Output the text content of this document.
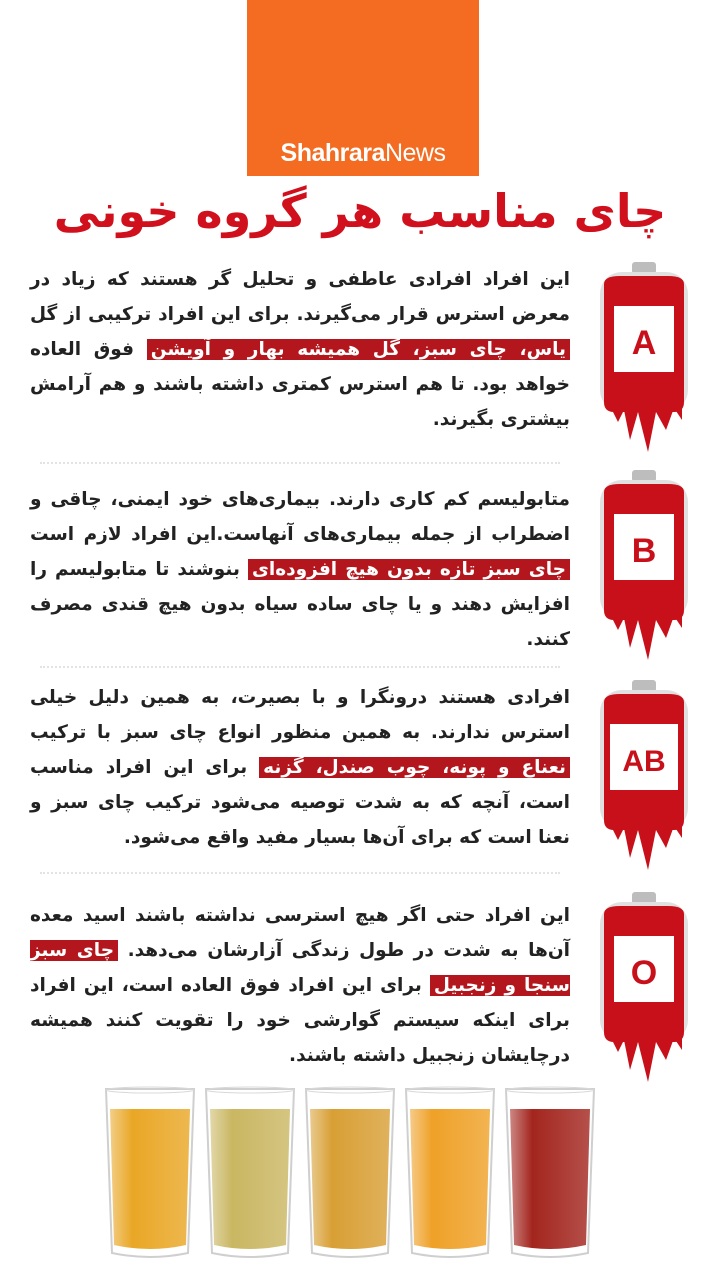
ShahraraNews
چای مناسب هر گروه خونی
این افراد افرادی عاطفی و تحلیل گر هستند که زیاد در معرض استرس قرار می‌گیرند. برای این افراد ترکیبی از گل یاس، چای سبز، گل همیشه بهار و آویشن فوق العاده خواهد بود. تا هم استرس کمتری داشته باشند و هم آرامش بیشتری بگیرند.
A
متابولیسم کم کاری دارند. بیماری‌های خود ایمنی، چاقی و اضطراب از جمله بیماری‌های آنهاست.این افراد لازم است چای سبز تازه بدون هیچ افزوده‌ای بنوشند تا متابولیسم را افزایش دهند و یا چای ساده سیاه بدون هیچ قندی مصرف کنند.
B
افرادی هستند درونگرا و با بصیرت، به همین دلیل خیلی استرس ندارند. به همین منظور انواع چای سبز با ترکیب نعناع و پونه، چوب صندل، گزنه برای این افراد مناسب است، آنچه که به شدت توصیه می‌شود ترکیب چای سبز و نعنا است که برای آن‌ها بسیار مفید واقع می‌شود.
AB
این افراد حتی اگر هیچ استرسی نداشته باشند اسید معده آن‌ها به شدت در طول زندگی آزارشان می‌دهد. چای سبز سنجا و زنجبیل برای این افراد فوق العاده است، این افراد برای اینکه سیستم گوارشی خود را تقویت کنند همیشه درچایشان زنجبیل داشته باشند.
O
